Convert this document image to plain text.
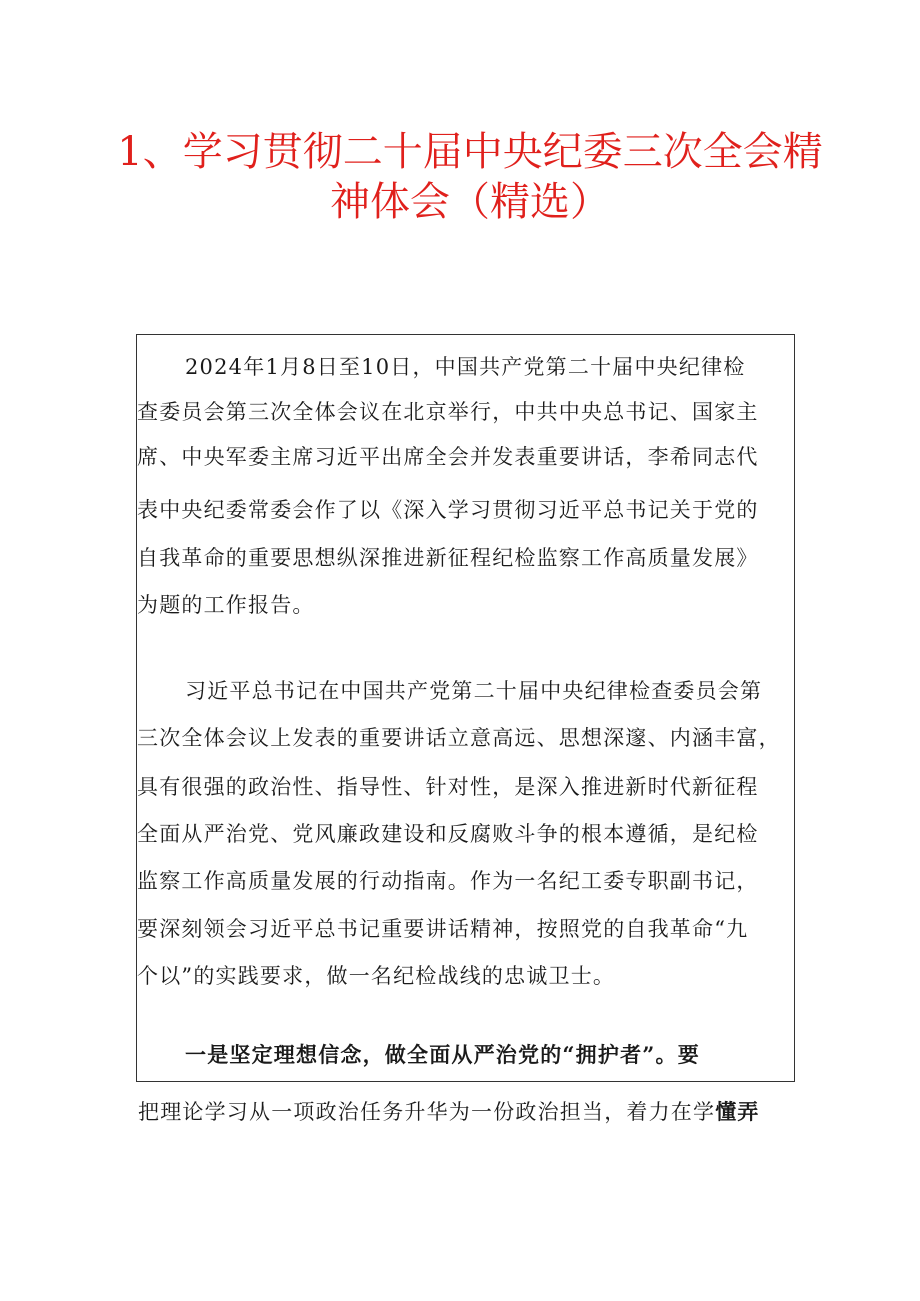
1、学习贯彻二十届中央纪委三次全会精
神体会（精选）

2024年1月8日至10日，中国共产党第二十届中央纪律检

查委员会第三次全体会议在北京举行，中共中央总书记、国家主

席、中央军委主席习近平出席全会并发表重要讲话，李希同志代

表中央纪委常委会作了以《深入学习贯彻习近平总书记关于党的

自我革命的重要思想纵深推进新征程纪检监察工作高质量发展》

为题的工作报告。

习近平总书记在中国共产党第二十届中央纪律检查委员会第

三次全体会议上发表的重要讲话立意高远、思想深邃、内涵丰富，

具有很强的政治性、指导性、针对性，是深入推进新时代新征程

全面从严治党、党风廉政建设和反腐败斗争的根本遵循，是纪检

监察工作高质量发展的行动指南。作为一名纪工委专职副书记，

要深刻领会习近平总书记重要讲话精神，按照党的自我革命“九

个以”的实践要求，做一名纪检战线的忠诚卫士。

一是坚定理想信念，做全面从严治党的“拥护者”。要

把理论学习从一项政治任务升华为一份政治担当，着力在学懂弄
